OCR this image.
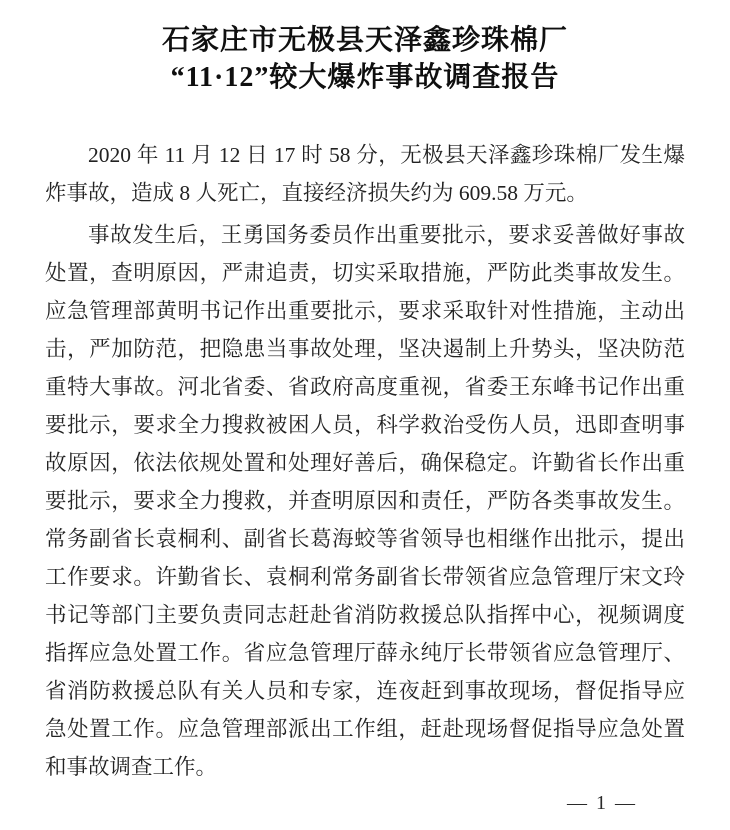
石家庄市无极县天泽鑫珍珠棉厂
“11·12”较大爆炸事故调查报告

2020 年 11 月 12 日 17 时 58 分，无极县天泽鑫珍珠棉厂发生爆炸事故，造成 8 人死亡，直接经济损失约为 609.58 万元。

事故发生后，王勇国务委员作出重要批示，要求妥善做好事故处置，查明原因，严肃追责，切实采取措施，严防此类事故发生。应急管理部黄明书记作出重要批示，要求采取针对性措施，主动出击，严加防范，把隐患当事故处理，坚决遏制上升势头，坚决防范重特大事故。河北省委、省政府高度重视，省委王东峰书记作出重要批示，要求全力搜救被困人员，科学救治受伤人员，迅即查明事故原因，依法依规处置和处理好善后，确保稳定。许勤省长作出重要批示，要求全力搜救，并查明原因和责任，严防各类事故发生。常务副省长袁桐利、副省长葛海蛟等省领导也相继作出批示，提出工作要求。许勤省长、袁桐利常务副省长带领省应急管理厅宋文玲书记等部门主要负责同志赶赴省消防救援总队指挥中心，视频调度指挥应急处置工作。省应急管理厅薛永纯厅长带领省应急管理厅、省消防救援总队有关人员和专家，连夜赶到事故现场，督促指导应急处置工作。应急管理部派出工作组，赶赴现场督促指导应急处置和事故调查工作。

— 1 —
